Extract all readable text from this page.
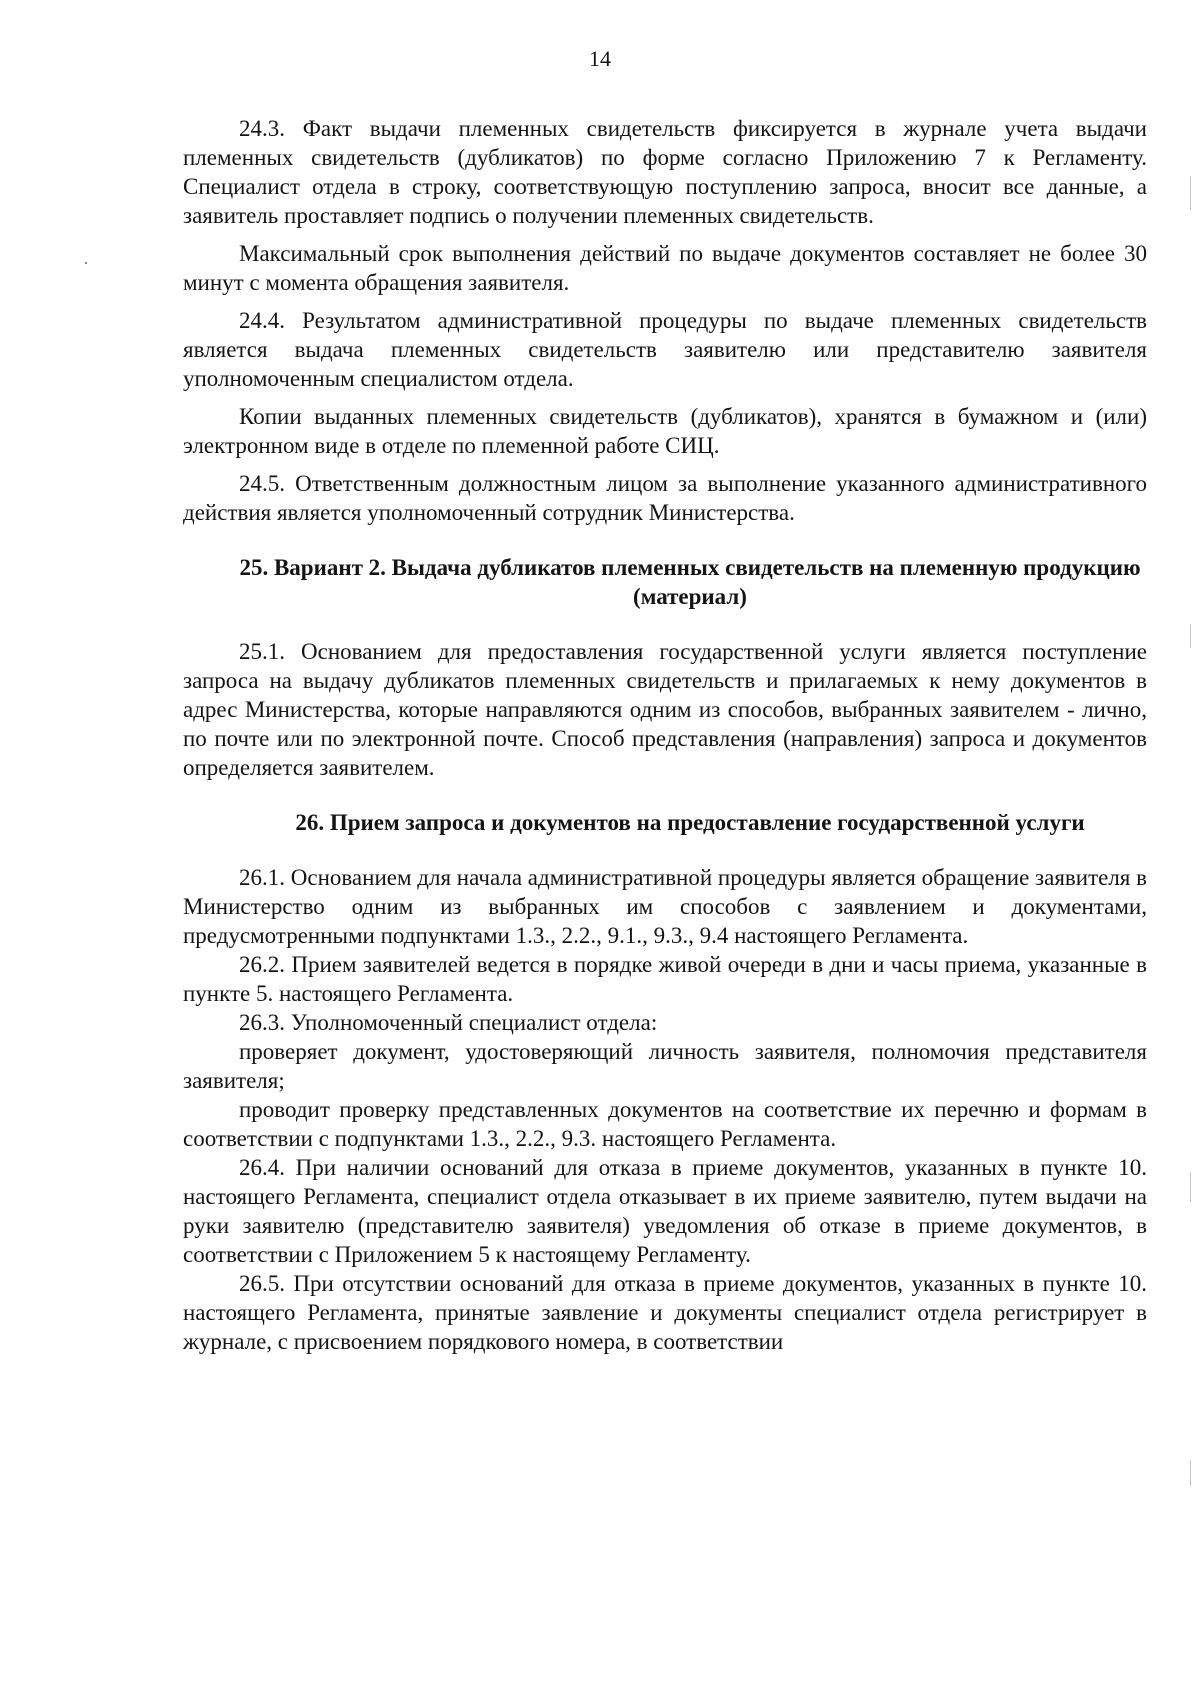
14

24.3. Факт выдачи племенных свидетельств фиксируется в журнале учета выдачи племенных свидетельств (дубликатов) по форме согласно Приложению 7 к Регламенту. Специалист отдела в строку, соответствующую поступлению запроса, вносит все данные, а заявитель проставляет подпись о получении племенных свидетельств.

Максимальный срок выполнения действий по выдаче документов составляет не более 30 минут с момента обращения заявителя.

24.4. Результатом административной процедуры по выдаче племенных свидетельств является выдача племенных свидетельств заявителю или представителю заявителя уполномоченным специалистом отдела.

Копии выданных племенных свидетельств (дубликатов), хранятся в бумажном и (или) электронном виде в отделе по племенной работе СИЦ.

24.5. Ответственным должностным лицом за выполнение указанного административного действия является уполномоченный сотрудник Министерства.

25. Вариант 2. Выдача дубликатов племенных свидетельств на племенную продукцию (материал)

25.1. Основанием для предоставления государственной услуги является поступление запроса на выдачу дубликатов племенных свидетельств и прилагаемых к нему документов в адрес Министерства, которые направляются одним из способов, выбранных заявителем - лично, по почте или по электронной почте. Способ представления (направления) запроса и документов определяется заявителем.

26. Прием запроса и документов на предоставление государственной услуги

26.1. Основанием для начала административной процедуры является обращение заявителя в Министерство одним из выбранных им способов с заявлением и документами, предусмотренными подпунктами 1.3., 2.2., 9.1., 9.3., 9.4 настоящего Регламента.

26.2. Прием заявителей ведется в порядке живой очереди в дни и часы приема, указанные в пункте 5. настоящего Регламента.

26.3. Уполномоченный специалист отдела:

проверяет документ, удостоверяющий личность заявителя, полномочия представителя заявителя;

проводит проверку представленных документов на соответствие их перечню и формам в соответствии с подпунктами 1.3., 2.2., 9.3. настоящего Регламента.

26.4. При наличии оснований для отказа в приеме документов, указанных в пункте 10. настоящего Регламента, специалист отдела отказывает в их приеме заявителю, путем выдачи на руки заявителю (представителю заявителя) уведомления об отказе в приеме документов, в соответствии с Приложением 5 к настоящему Регламенту.

26.5. При отсутствии оснований для отказа в приеме документов, указанных в пункте 10. настоящего Регламента, принятые заявление и документы специалист отдела регистрирует в журнале, с присвоением порядкового номера, в соответствии
